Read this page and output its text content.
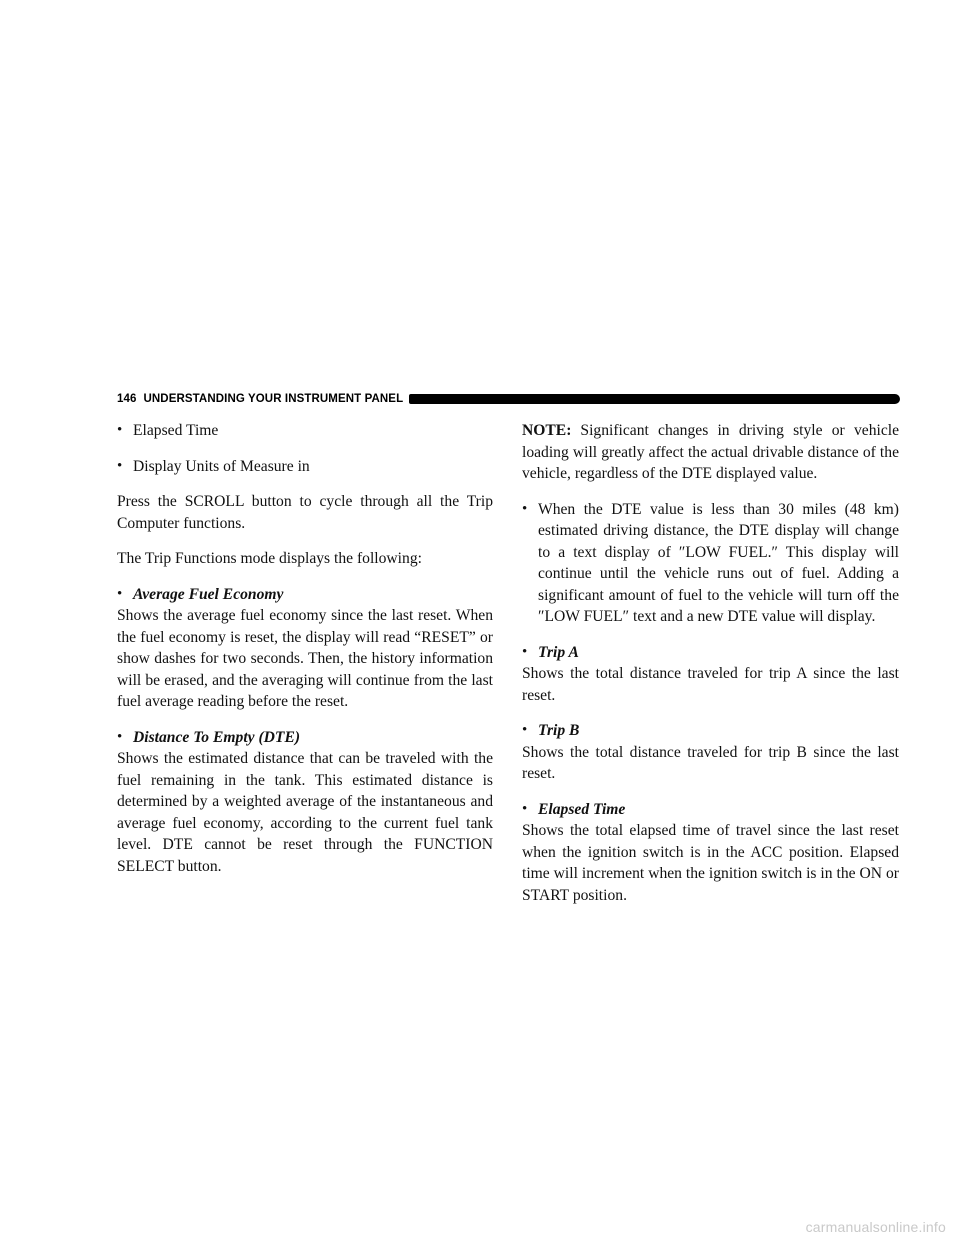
146 UNDERSTANDING YOUR INSTRUMENT PANEL
• Elapsed Time
• Display Units of Measure in

Press the SCROLL button to cycle through all the Trip Computer functions.

The Trip Functions mode displays the following:

• Average Fuel Economy

Shows the average fuel economy since the last reset. When the fuel economy is reset, the display will read “RESET” or show dashes for two seconds. Then, the history information will be erased, and the averaging will continue from the last fuel average reading before the reset.

• Distance To Empty (DTE)

Shows the estimated distance that can be traveled with the fuel remaining in the tank. This estimated distance is determined by a weighted average of the instantaneous and average fuel economy, according to the current fuel tank level. DTE cannot be reset through the FUNCTION SELECT button.

NOTE: Significant changes in driving style or vehicle loading will greatly affect the actual drivable distance of the vehicle, regardless of the DTE displayed value.

• When the DTE value is less than 30 miles (48 km) estimated driving distance, the DTE display will change to a text display of ″LOW FUEL.″ This display will continue until the vehicle runs out of fuel. Adding a significant amount of fuel to the vehicle will turn off the ″LOW FUEL″ text and a new DTE value will display.
• Trip A

Shows the total distance traveled for trip A since the last reset.

• Trip B

Shows the total distance traveled for trip B since the last reset.

• Elapsed Time

Shows the total elapsed time of travel since the last reset when the ignition switch is in the ACC position. Elapsed time will increment when the ignition switch is in the ON or START position.

carmanualsonline.info
